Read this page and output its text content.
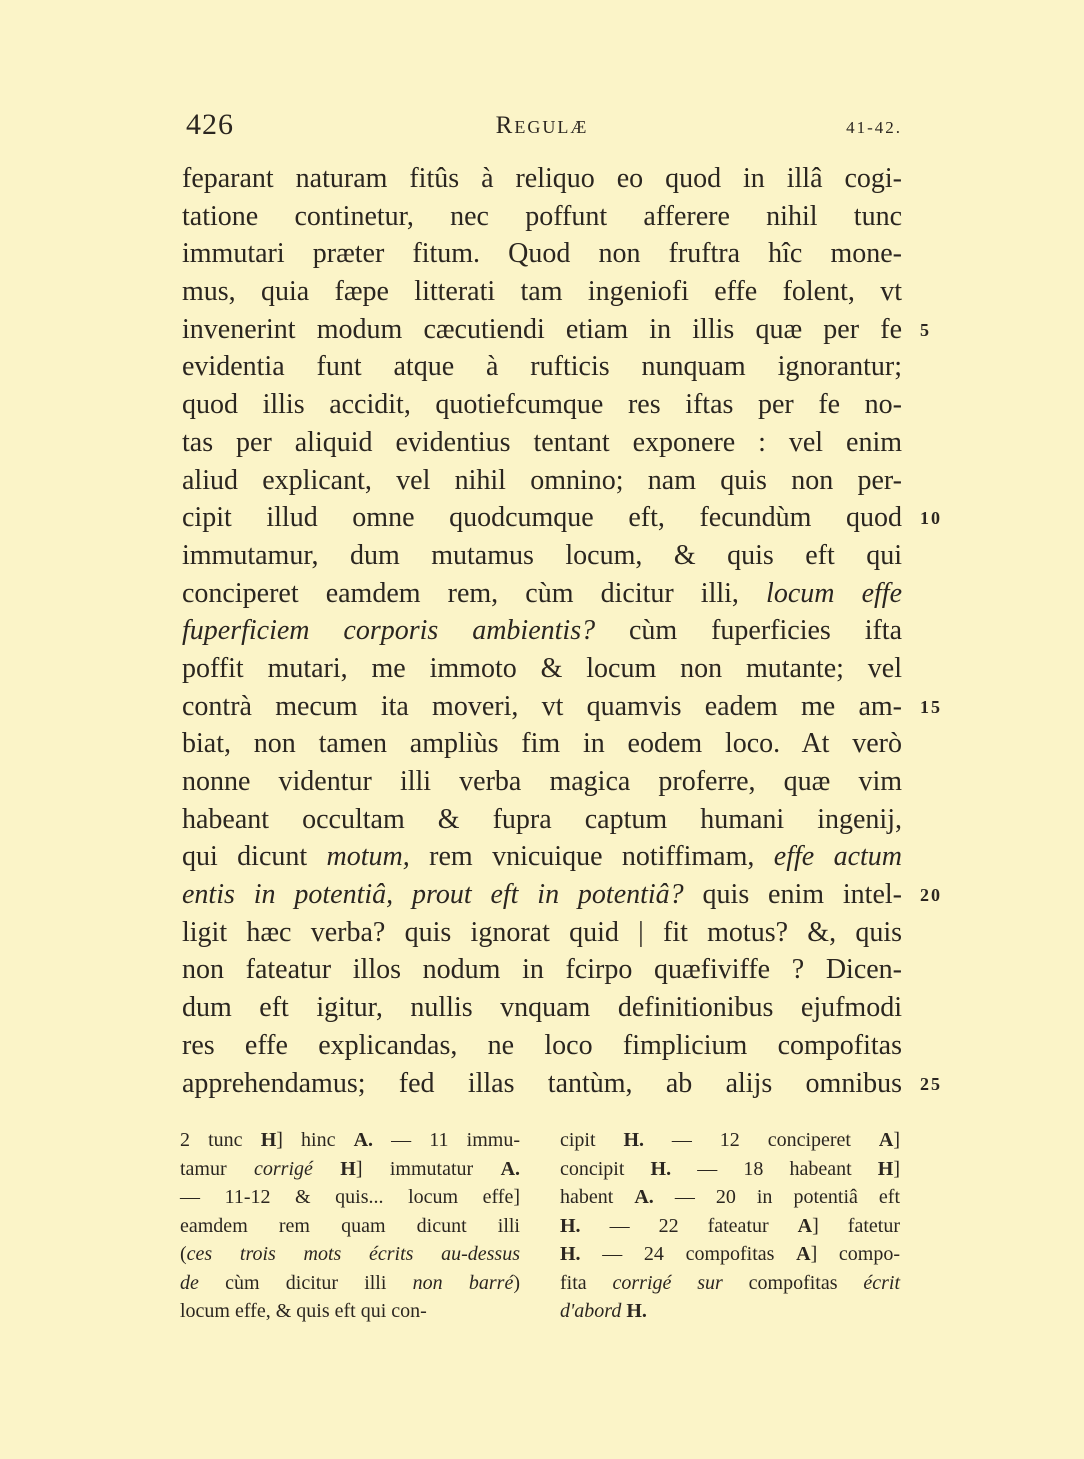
426	Regulæ	41-42.
feparant naturam fitûs à reliquo eo quod in illâ cogi-
tatione continetur, nec poffunt afferere nihil tunc
immutari præter fitum. Quod non fruftra hîc mone-
mus, quia fæpe litterati tam ingeniofi effe folent, vt
invenerint modum cæcutiendi etiam in illis quæ per fe
evidentia funt atque à rufticis nunquam ignorantur;
quod illis accidit, quotiefcumque res iftas per fe no-
tas per aliquid evidentius tentant exponere : vel enim
aliud explicant, vel nihil omnino; nam quis non per-
cipit illud omne quodcumque eft, fecundùm quod
immutamur, dum mutamus locum, & quis eft qui
conciperet eamdem rem, cùm dicitur illi, locum effe
fuperficiem corporis ambientis? cùm fuperficies ifta
poffit mutari, me immoto & locum non mutante; vel
contrà mecum ita moveri, vt quamvis eadem me am-
biat, non tamen ampliùs fim in eodem loco. At verò
nonne videntur illi verba magica proferre, quæ vim
habeant occultam & fupra captum humani ingenij,
qui dicunt motum, rem vnicuique notiffimam, effe actum
entis in potentiâ, prout eft in potentiâ? quis enim intel-
ligit hæc verba? quis ignorat quid | fit motus? &, quis
non fateatur illos nodum in fcirpo quæfiviffe ? Dicen-
dum eft igitur, nullis vnquam definitionibus ejufmodi
res effe explicandas, ne loco fimplicium compofitas
apprehendamus; fed illas tantùm, ab alijs omnibus
5
10
15
20
25
2 tunc H] hinc A. — 11 immu-
tamur corrigé H] immutatur A.
— 11-12 & quis... locum effe]
eamdem rem quam dicunt illi
(ces trois mots écrits au-dessus
de cùm dicitur illi non barré)
locum effe, & quis eft qui con-
cipit H. — 12 conciperet A]
concipit H. — 18 habeant H]
habent A. — 20 in potentiâ eft
H. — 22 fateatur A] fatetur
H. — 24 compofitas A] compo-
fita corrigé sur compofitas écrit
d'abord H.
